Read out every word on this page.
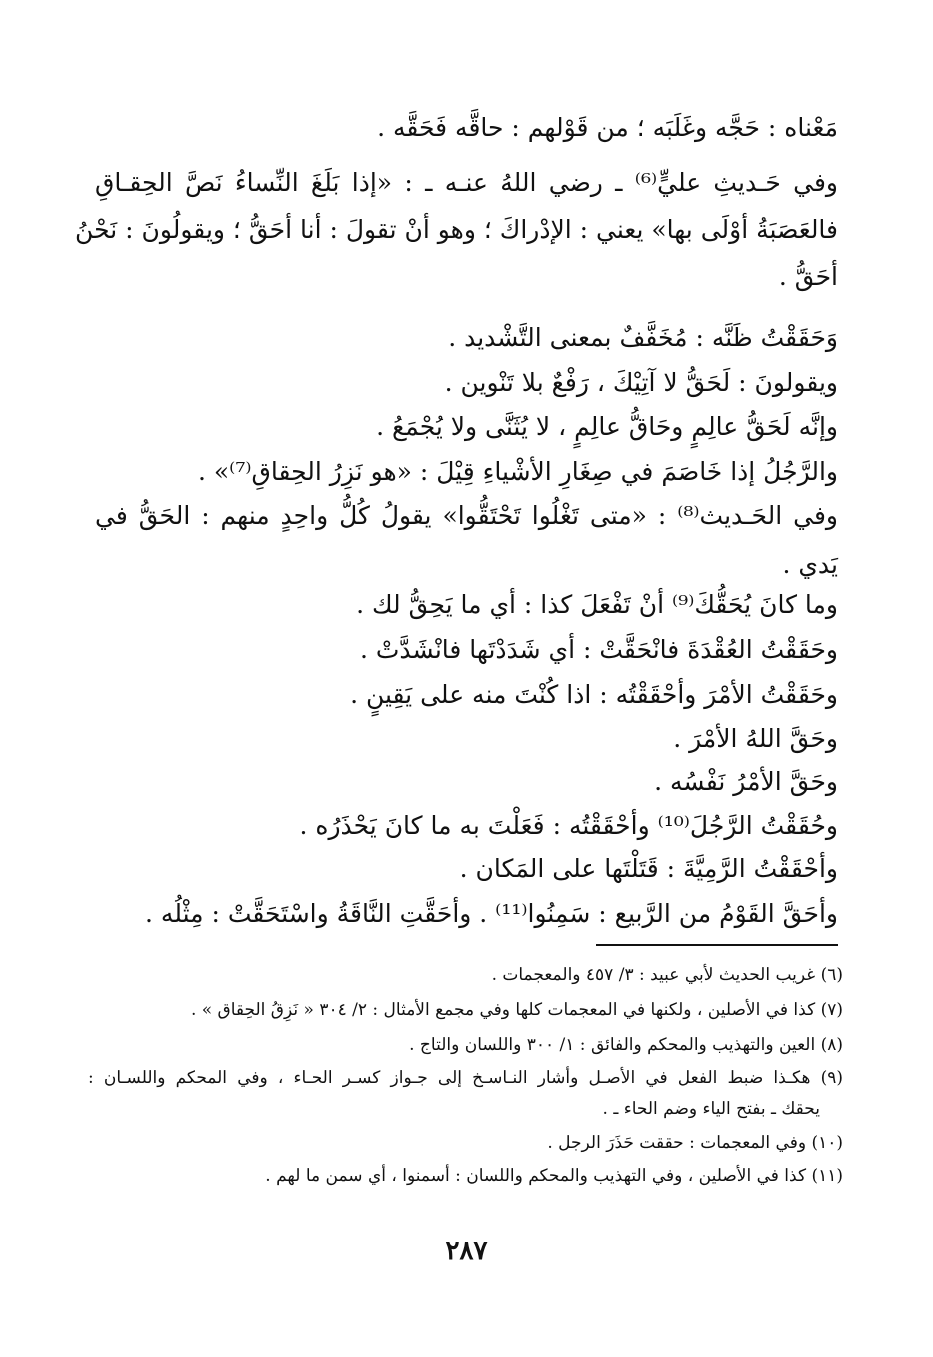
مَعْناه : حَجَّه وغَلَبَه ؛ من قَوْلهم : حاقَّه فَحَقَّه .
وفي حَـديثِ عليٍّ⁽⁶⁾ ـ رضي اللهُ عنـه ـ : «إذا بَلَغَ النِّساءُ نَصَّ الحِقـاقِ
فالعَصَبَةُ أوْلَى بها» يعني : الإدْراكَ ؛ وهو أنْ تقولَ : أنا أحَقُّ ؛ ويقولُونَ : نَحْنُ
أحَقُّ .
وَحَقَقْتُ ظَنَّه : مُخَفَّفٌ بمعنى التَّشْديد .
ويقولونَ : لَحَقُّ لا آتِيْكَ ، رَفْعٌ بلا تَنْوين .
وإنَّه لَحَقُّ عالِمٍ وحَاقُّ عالِمٍ ، لا يُثَنَّى ولا يُجْمَعُ .
والرَّجُلُ إذا خَاصَمَ في صِغَارِ الأشْياءِ قِيْلَ : «هو نَزِرُ الحِقاقِ⁽⁷⁾» .
وفي الحَـديث⁽⁸⁾ : «متى تَغْلُوا تَحْتَقُّوا» يقولُ كُلُّ واحِدٍ منهم : الحَقُّ في
يَدي .
وما كانَ يُحَقُّكَ⁽⁹⁾ أنْ تَفْعَلَ كذا : أي ما يَحِقُّ لك .
وحَقَقْتُ العُقْدَةَ فانْحَقَّتْ : أي شَدَدْتَها فانْشَدَّتْ .
وحَقَقْتُ الأمْرَ وأحْقَقْتُه : اذا كُنْتَ منه على يَقِينٍ .
وحَقَّ اللهُ الأمْرَ .
وحَقَّ الأمْرُ نَفْسُه .
وحُقَقْتُ الرَّجُلَ⁽¹⁰⁾ وأحْقَقْتُه : فَعَلْتَ به ما كانَ يَحْذَرُه .
وأحْقَقْتُ الرَّمِيَّةَ : قَتَلْتَها على المَكان .
وأحَقَّ القَوْمُ من الرَّبيع : سَمِنُوا⁽¹¹⁾ . وأحَقَّتِ النَّاقَةُ واسْتَحَقَّتْ : مِثْلُه .
(٦) غريب الحديث لأبي عبيد : ٣/ ٤٥٧ والمعجمات .
(٧) كذا في الأصلين ، ولكنها في المعجمات كلها وفي مجمع الأمثال : ٢/ ٣٠٤ « نَزِقُ الحِقاق » .
(٨) العين والتهذيب والمحكم والفائق : ١/ ٣٠٠ واللسان والتاج .
(٩) هكـذا ضبط الفعل في الأصـل وأشار النـاسـخ إلى جـواز كسـر الحـاء ، وفي المحكم واللسـان :
يحقك ـ بفتح الياء وضم الحاء ـ .
(١٠) وفي المعجمات : حققت حَذَرَ الرجل .
(١١) كذا في الأصلين ، وفي التهذيب والمحكم واللسان : أسمنوا ، أي سمن ما لهم .
٢٨٧
